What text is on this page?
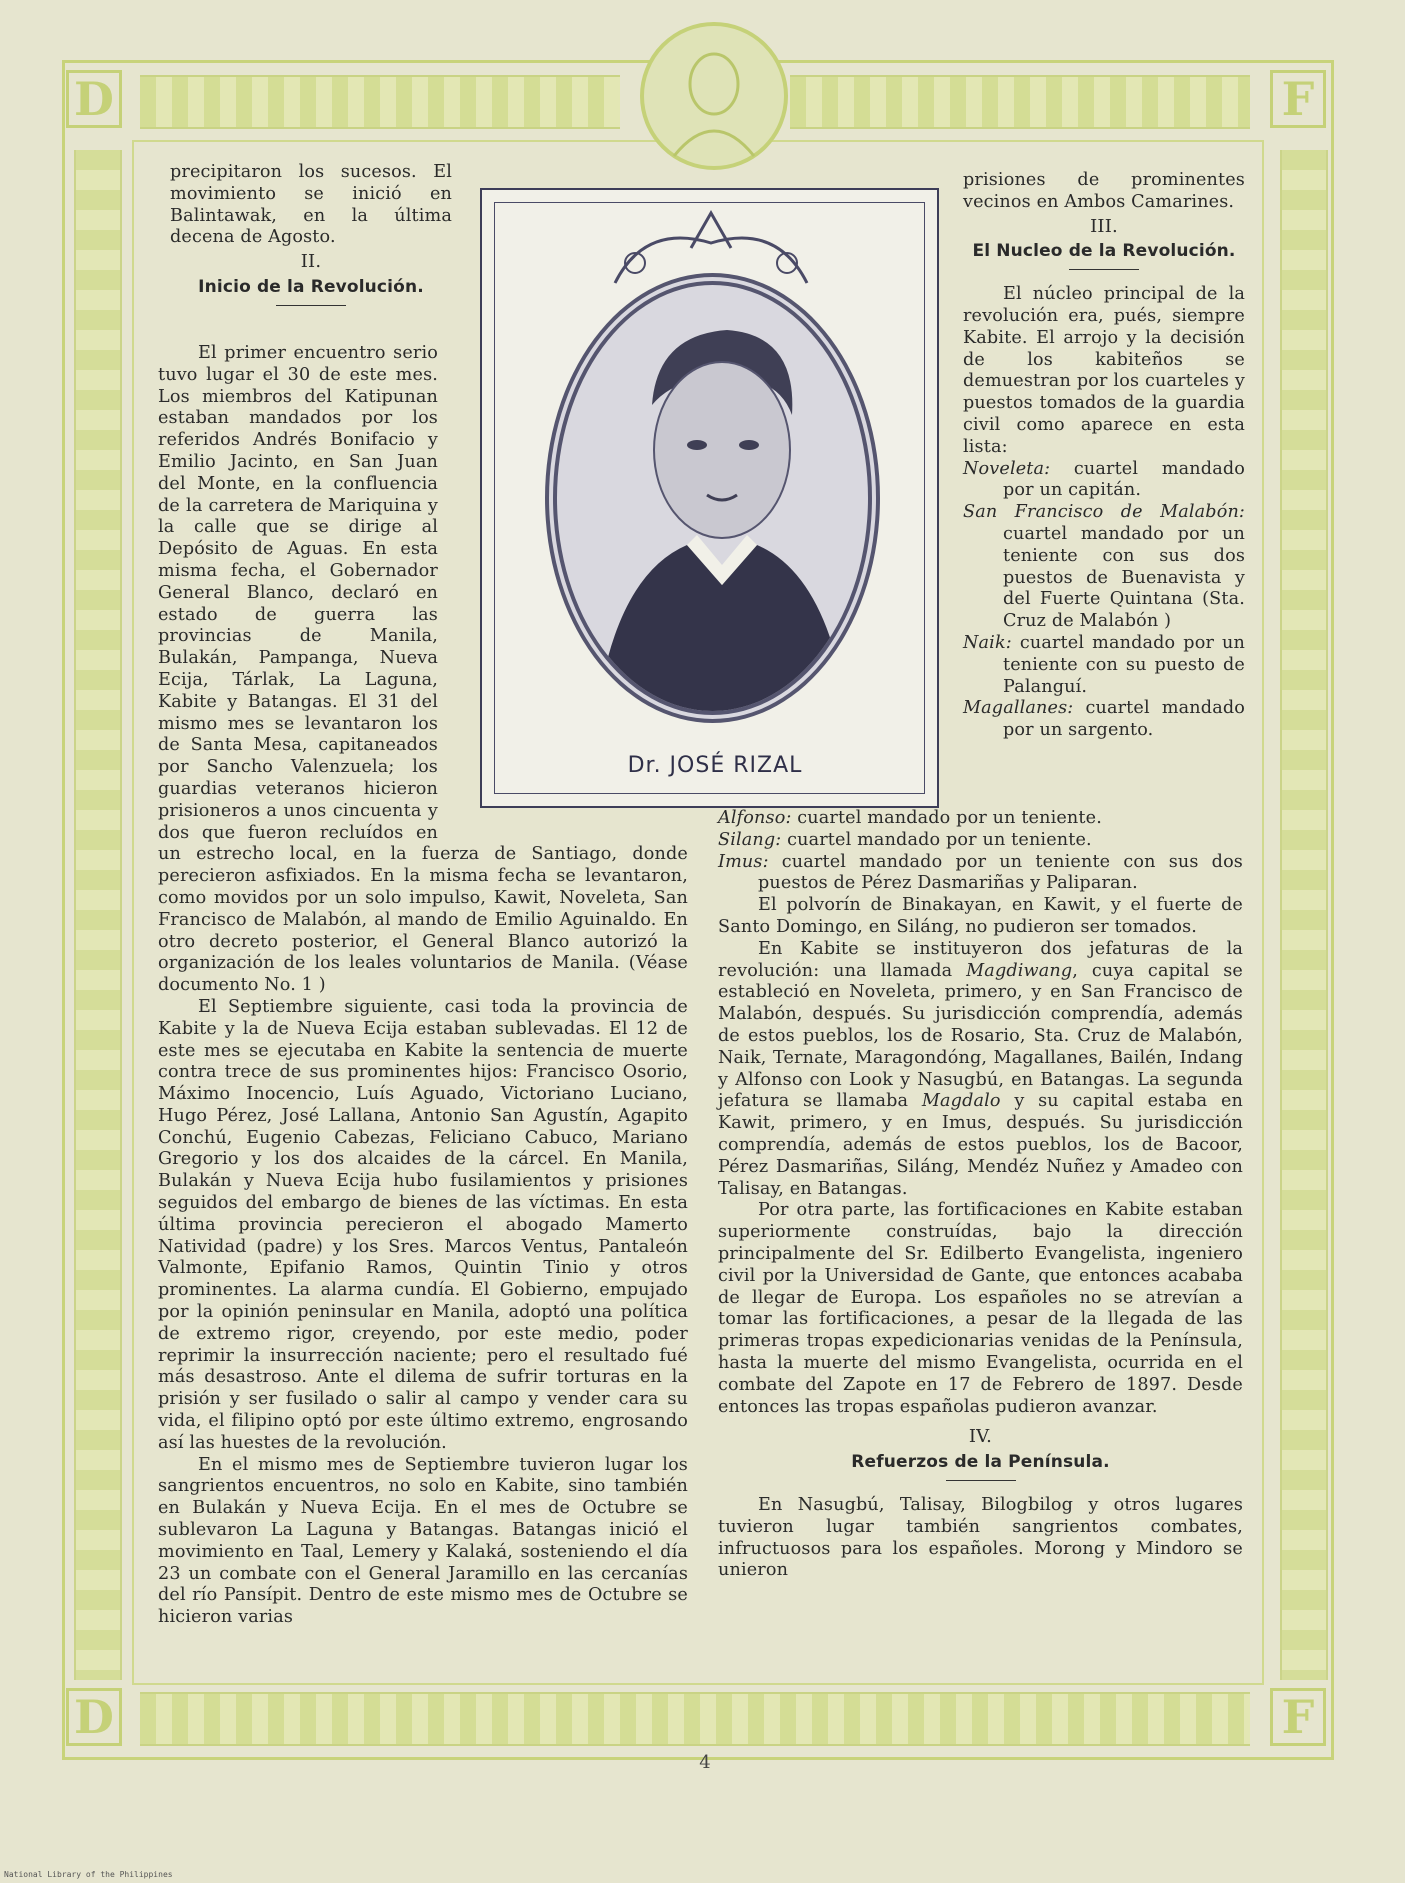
D	F
D	F

precipitaron los sucesos. El movimiento se inició en Balintawak, en la última decena de Agosto.

II.
Inicio de la Revolución.

El primer encuentro serio tuvo lugar el 30 de este mes. Los miembros del Katipunan estaban mandados por los referidos Andrés Bonifacio y Emilio Jacinto, en San Juan del Monte, en la confluencia de la carretera de Mariquina y la calle que se dirige al Depósito de Aguas. En esta misma fecha, el Gobernador General Blanco, declaró en estado de guerra las provincias de Manila, Bulakán, Pampanga, Nueva Ecija, Tárlak, La Laguna, Kabite y Batangas. El 31 del mismo mes se levantaron los de Santa Mesa, capitaneados por Sancho Valenzuela; los guardias veteranos hicieron prisioneros a unos cincuenta y dos que fueron recluídos en un estrecho local, en la fuerza de Santiago, donde perecieron asfixiados. En la misma fecha se levantaron, como movidos por un solo impulso, Kawit, Noveleta, San Francisco de Malabón, al mando de Emilio Aguinaldo. En otro decreto posterior, el General Blanco autorizó la organización de los leales voluntarios de Manila. (Véase documento No. 1 )

El Septiembre siguiente, casi toda la provincia de Kabite y la de Nueva Ecija estaban sublevadas. El 12 de este mes se ejecutaba en Kabite la sentencia de muerte contra trece de sus prominentes hijos: Francisco Osorio, Máximo Inocencio, Luís Aguado, Victoriano Luciano, Hugo Pérez, José Lallana, Antonio San Agustín, Agapito Conchú, Eugenio Cabezas, Feliciano Cabuco, Mariano Gregorio y los dos alcaides de la cárcel. En Manila, Bulakán y Nueva Ecija hubo fusilamientos y prisiones seguidos del embargo de bienes de las víctimas. En esta última provincia perecieron el abogado Mamerto Natividad (padre) y los Sres. Marcos Ventus, Pantaleón Valmonte, Epifanio Ramos, Quintin Tinio y otros prominentes. La alarma cundía. El Gobierno, empujado por la opinión peninsular en Manila, adoptó una política de extremo rigor, creyendo, por este medio, poder reprimir la insurrección naciente; pero el resultado fué más desastroso. Ante el dilema de sufrir torturas en la prisión y ser fusilado o salir al campo y vender cara su vida, el filipino optó por este último extremo, engrosando así las huestes de la revolución.

En el mismo mes de Septiembre tuvieron lugar los sangrientos encuentros, no solo en Kabite, sino también en Bulakán y Nueva Ecija. En el mes de Octubre se sublevaron La Laguna y Batangas. Batangas inició el movimiento en Taal, Lemery y Kalaká, sosteniendo el día 23 un combate con el General Jaramillo en las cercanías del río Pansípit. Dentro de este mismo mes de Octubre se hicieron varias

Dr. JOSÉ RIZAL

prisiones de prominentes vecinos en Ambos Camarines.

III.
El Nucleo de la Revolución.

El núcleo principal de la revolución era, pués, siempre Kabite. El arrojo y la decisión de los kabiteños se demuestran por los cuarteles y puestos tomados de la guardia civil como aparece en esta lista:

Noveleta: cuartel mandado por un capitán.

San Francisco de Malabón: cuartel mandado por un teniente con sus dos puestos de Buenavista y del Fuerte Quintana (Sta. Cruz de Malabón )

Naik: cuartel mandado por un teniente con su puesto de Palanguí.

Magallanes: cuartel mandado por un sargento.

Alfonso: cuartel mandado por un teniente.

Silang: cuartel mandado por un teniente.

Imus: cuartel mandado por un teniente con sus dos puestos de Pérez Dasmariñas y Paliparan.

El polvorín de Binakayan, en Kawit, y el fuerte de Santo Domingo, en Siláng, no pudieron ser tomados.

En Kabite se instituyeron dos jefaturas de la revolución: una llamada Magdiwang, cuya capital se estableció en Noveleta, primero, y en San Francisco de Malabón, después. Su jurisdicción comprendía, además de estos pueblos, los de Rosario, Sta. Cruz de Malabón, Naik, Ternate, Maragondóng, Magallanes, Bailén, Indang y Alfonso con Look y Nasugbú, en Batangas. La segunda jefatura se llamaba Magdalo y su capital estaba en Kawit, primero, y en Imus, después. Su jurisdicción comprendía, además de estos pueblos, los de Bacoor, Pérez Dasmariñas, Siláng, Mendéz Nuñez y Amadeo con Talisay, en Batangas.

Por otra parte, las fortificaciones en Kabite estaban superiormente construídas, bajo la dirección principalmente del Sr. Edilberto Evangelista, ingeniero civil por la Universidad de Gante, que entonces acababa de llegar de Europa. Los españoles no se atrevían a tomar las fortificaciones, a pesar de la llegada de las primeras tropas expedicionarias venidas de la Península, hasta la muerte del mismo Evangelista, ocurrida en el combate del Zapote en 17 de Febrero de 1897. Desde entonces las tropas españolas pudieron avanzar.

IV.
Refuerzos de la Península.

En Nasugbú, Talisay, Bilogbilog y otros lugares tuvieron lugar también sangrientos combates, infructuosos para los españoles. Morong y Mindoro se unieron

4
National Library of the Philippines
